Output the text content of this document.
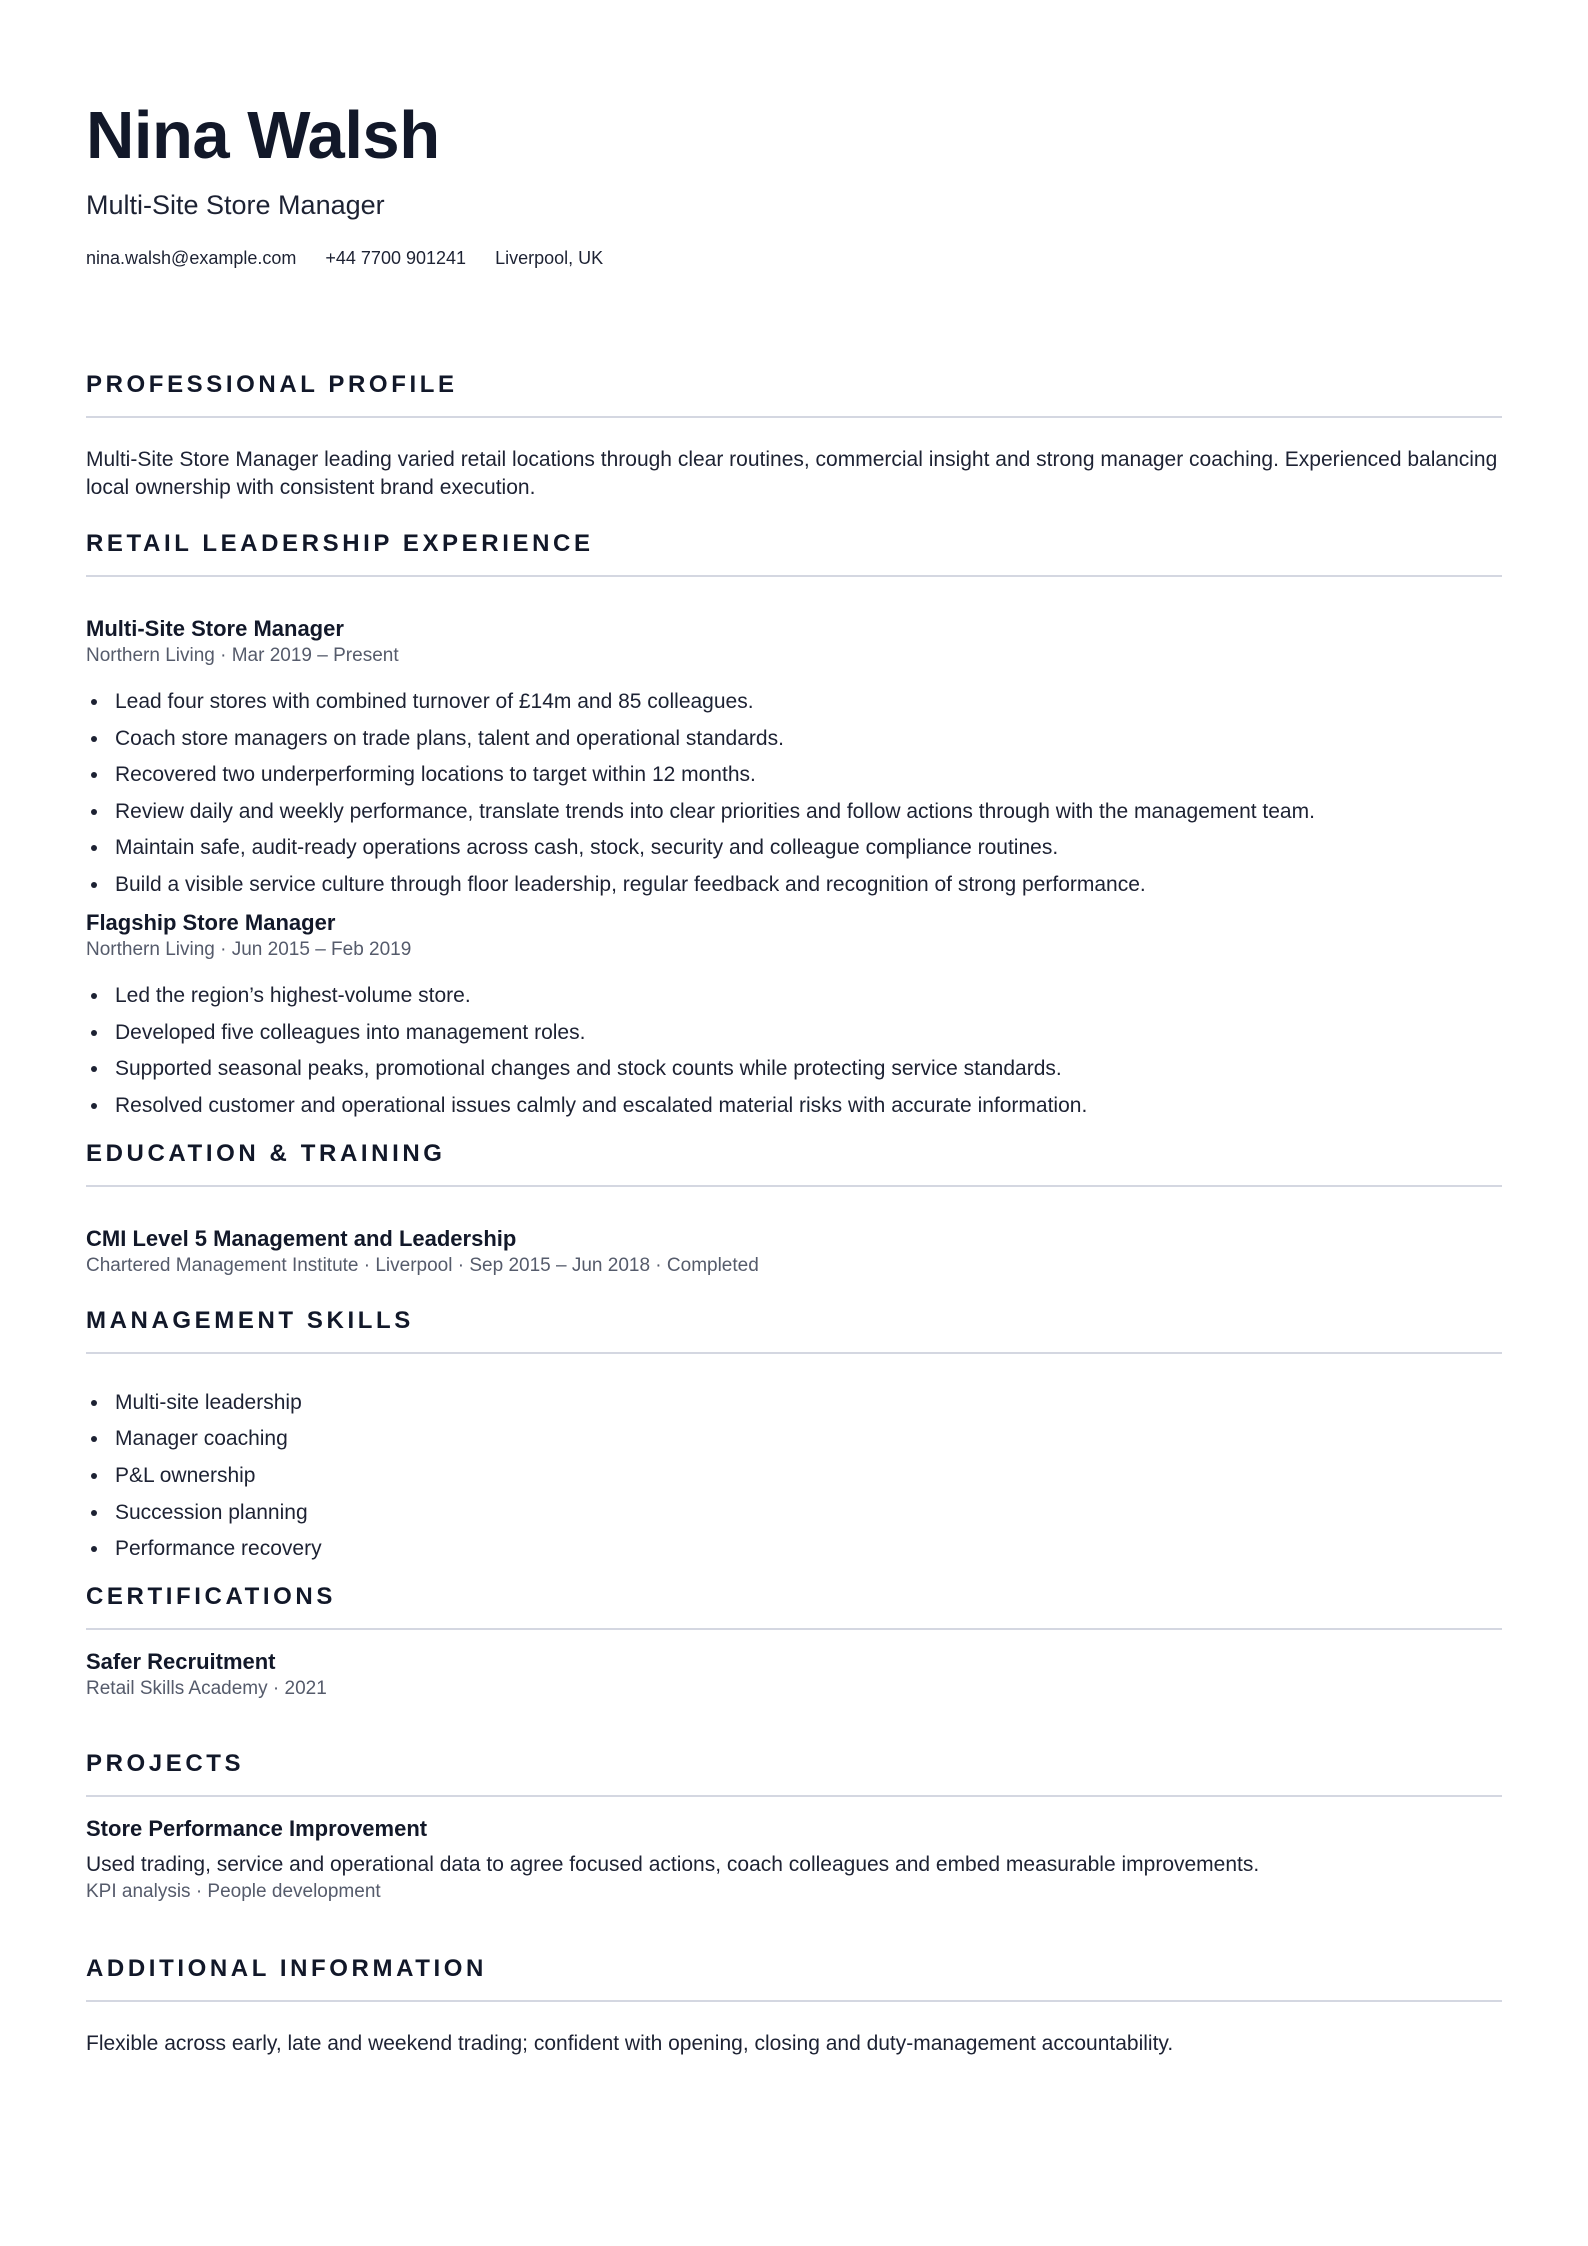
Nina Walsh
Multi-Site Store Manager
nina.walsh@example.com +44 7700 901241 Liverpool, UK
PROFESSIONAL PROFILE
Multi-Site Store Manager leading varied retail locations through clear routines, commercial insight and strong manager coaching. Experienced balancing local ownership with consistent brand execution.
RETAIL LEADERSHIP EXPERIENCE
Multi-Site Store Manager
Northern Living · Mar 2019 – Present
Lead four stores with combined turnover of £14m and 85 colleagues.
Coach store managers on trade plans, talent and operational standards.
Recovered two underperforming locations to target within 12 months.
Review daily and weekly performance, translate trends into clear priorities and follow actions through with the management team.
Maintain safe, audit-ready operations across cash, stock, security and colleague compliance routines.
Build a visible service culture through floor leadership, regular feedback and recognition of strong performance.
Flagship Store Manager
Northern Living · Jun 2015 – Feb 2019
Led the region’s highest-volume store.
Developed five colleagues into management roles.
Supported seasonal peaks, promotional changes and stock counts while protecting service standards.
Resolved customer and operational issues calmly and escalated material risks with accurate information.
EDUCATION & TRAINING
CMI Level 5 Management and Leadership
Chartered Management Institute · Liverpool · Sep 2015 – Jun 2018 · Completed
MANAGEMENT SKILLS
Multi-site leadership
Manager coaching
P&L ownership
Succession planning
Performance recovery
CERTIFICATIONS
Safer Recruitment
Retail Skills Academy · 2021
PROJECTS
Store Performance Improvement
Used trading, service and operational data to agree focused actions, coach colleagues and embed measurable improvements.
KPI analysis · People development
ADDITIONAL INFORMATION
Flexible across early, late and weekend trading; confident with opening, closing and duty-management accountability.
